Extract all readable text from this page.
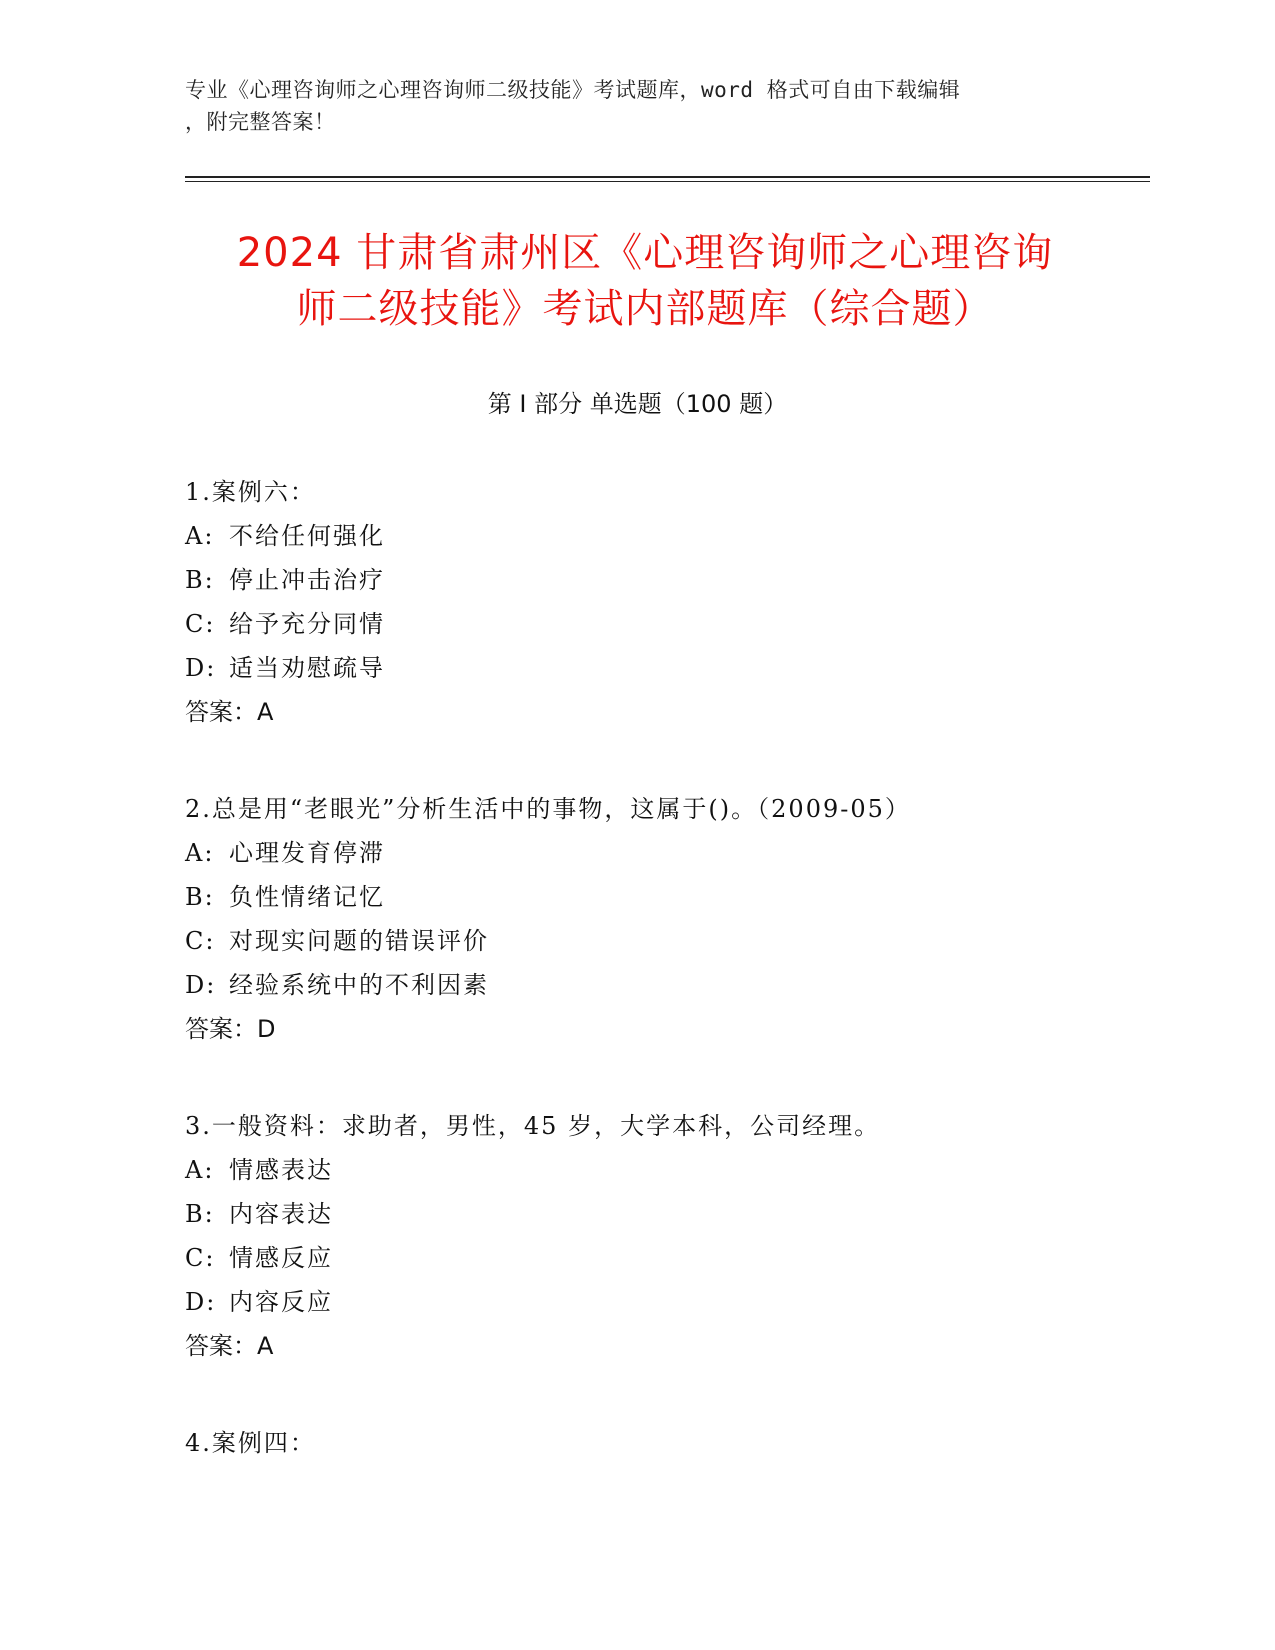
专业《心理咨询师之心理咨询师二级技能》考试题库，word 格式可自由下载编辑
，附完整答案！
2024 甘肃省肃州区《心理咨询师之心理咨询
师二级技能》考试内部题库（综合题）
第 I 部分 单选题（100 题）
1.案例六：
A: 不给任何强化
B: 停止冲击治疗
C: 给予充分同情
D: 适当劝慰疏导
答案：A
2.总是用“老眼光”分析生活中的事物，这属于()。（2009-05）
A: 心理发育停滞
B: 负性情绪记忆
C: 对现实问题的错误评价
D: 经验系统中的不利因素
答案：D
3.一般资料：求助者，男性，45 岁，大学本科，公司经理。
A: 情感表达
B: 内容表达
C: 情感反应
D: 内容反应
答案：A
4.案例四：
